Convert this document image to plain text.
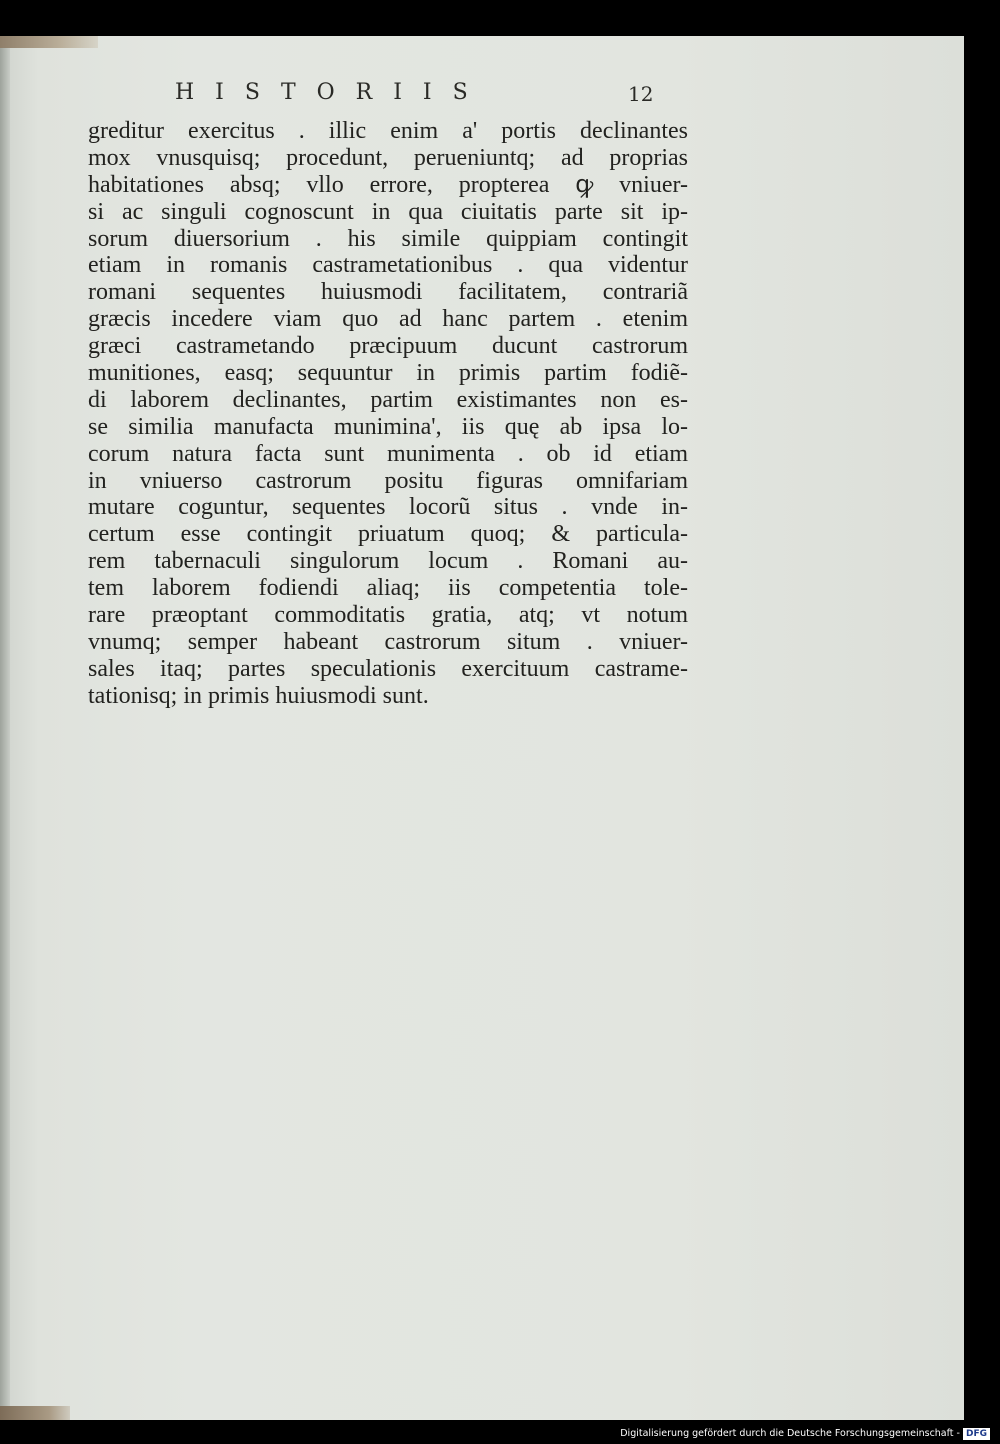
HISTORIIS	12
greditur exercitus . illic enim a' portis declinantes
mox vnusquisq; procedunt, perueniuntq; ad proprias
habitationes absq; vllo errore, propterea ꝙ vniuer-
si ac singuli cognoscunt in qua ciuitatis parte sit ip-
sorum diuersorium . his simile quippiam contingit
etiam in romanis castrametationibus . qua videntur
romani sequentes huiusmodi facilitatem, contrariã
græcis incedere viam quo ad hanc partem . etenim
græci castrametando præcipuum ducunt castrorum
munitiones, easq; sequuntur in primis partim fodiẽ-
di laborem declinantes, partim existimantes non es-
se similia manufacta munimina', iis quę ab ipsa lo-
corum natura facta sunt munimenta . ob id etiam
in vniuerso castrorum positu figuras omnifariam
mutare coguntur, sequentes locorũ situs . vnde in-
certum esse contingit priuatum quoq; & particula-
rem tabernaculi singulorum locum . Romani au-
tem laborem fodiendi aliaq; iis competentia tole-
rare præoptant commoditatis gratia, atq; vt notum
vnumq; semper habeant castrorum situm . vniuer-
sales itaq; partes speculationis exercituum castrame-
tationisq; in primis huiusmodi sunt.
Digitalisierung gefördert durch die Deutsche Forschungsgemeinschaft - DFG
